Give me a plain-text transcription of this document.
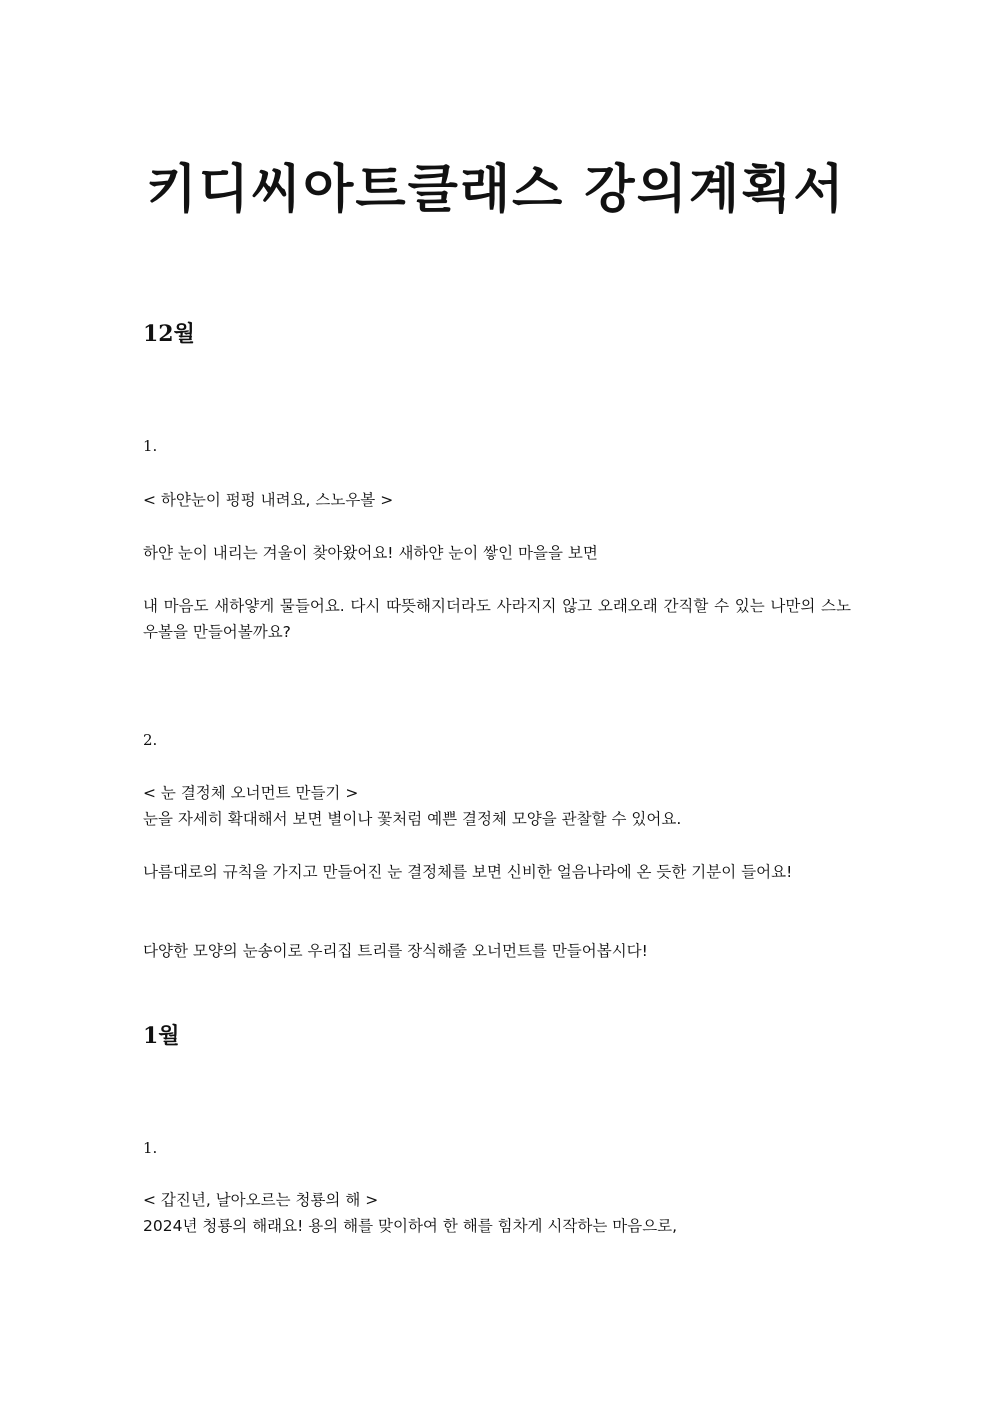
키디씨아트클래스 강의계획서
12월
1.

< 하얀눈이 펑펑 내려요, 스노우볼 >

하얀 눈이 내리는 겨울이 찾아왔어요! 새하얀 눈이 쌓인 마을을 보면

내 마음도 새하얗게 물들어요. 다시 따뜻해지더라도 사라지지 않고 오래오래 간직할 수 있는 나만의 스노우볼을 만들어볼까요?

2.

< 눈 결정체 오너먼트 만들기 >

눈을 자세히 확대해서 보면 별이나 꽃처럼 예쁜 결정체 모양을 관찰할 수 있어요.

나름대로의 규칙을 가지고 만들어진 눈 결정체를 보면 신비한 얼음나라에 온 듯한 기분이 들어요!

다양한 모양의 눈송이로 우리집 트리를 장식해줄 오너먼트를 만들어봅시다!

1월
1.

< 갑진년, 날아오르는 청룡의 해 >

2024년 청룡의 해래요! 용의 해를 맞이하여 한 해를 힘차게 시작하는 마음으로,
